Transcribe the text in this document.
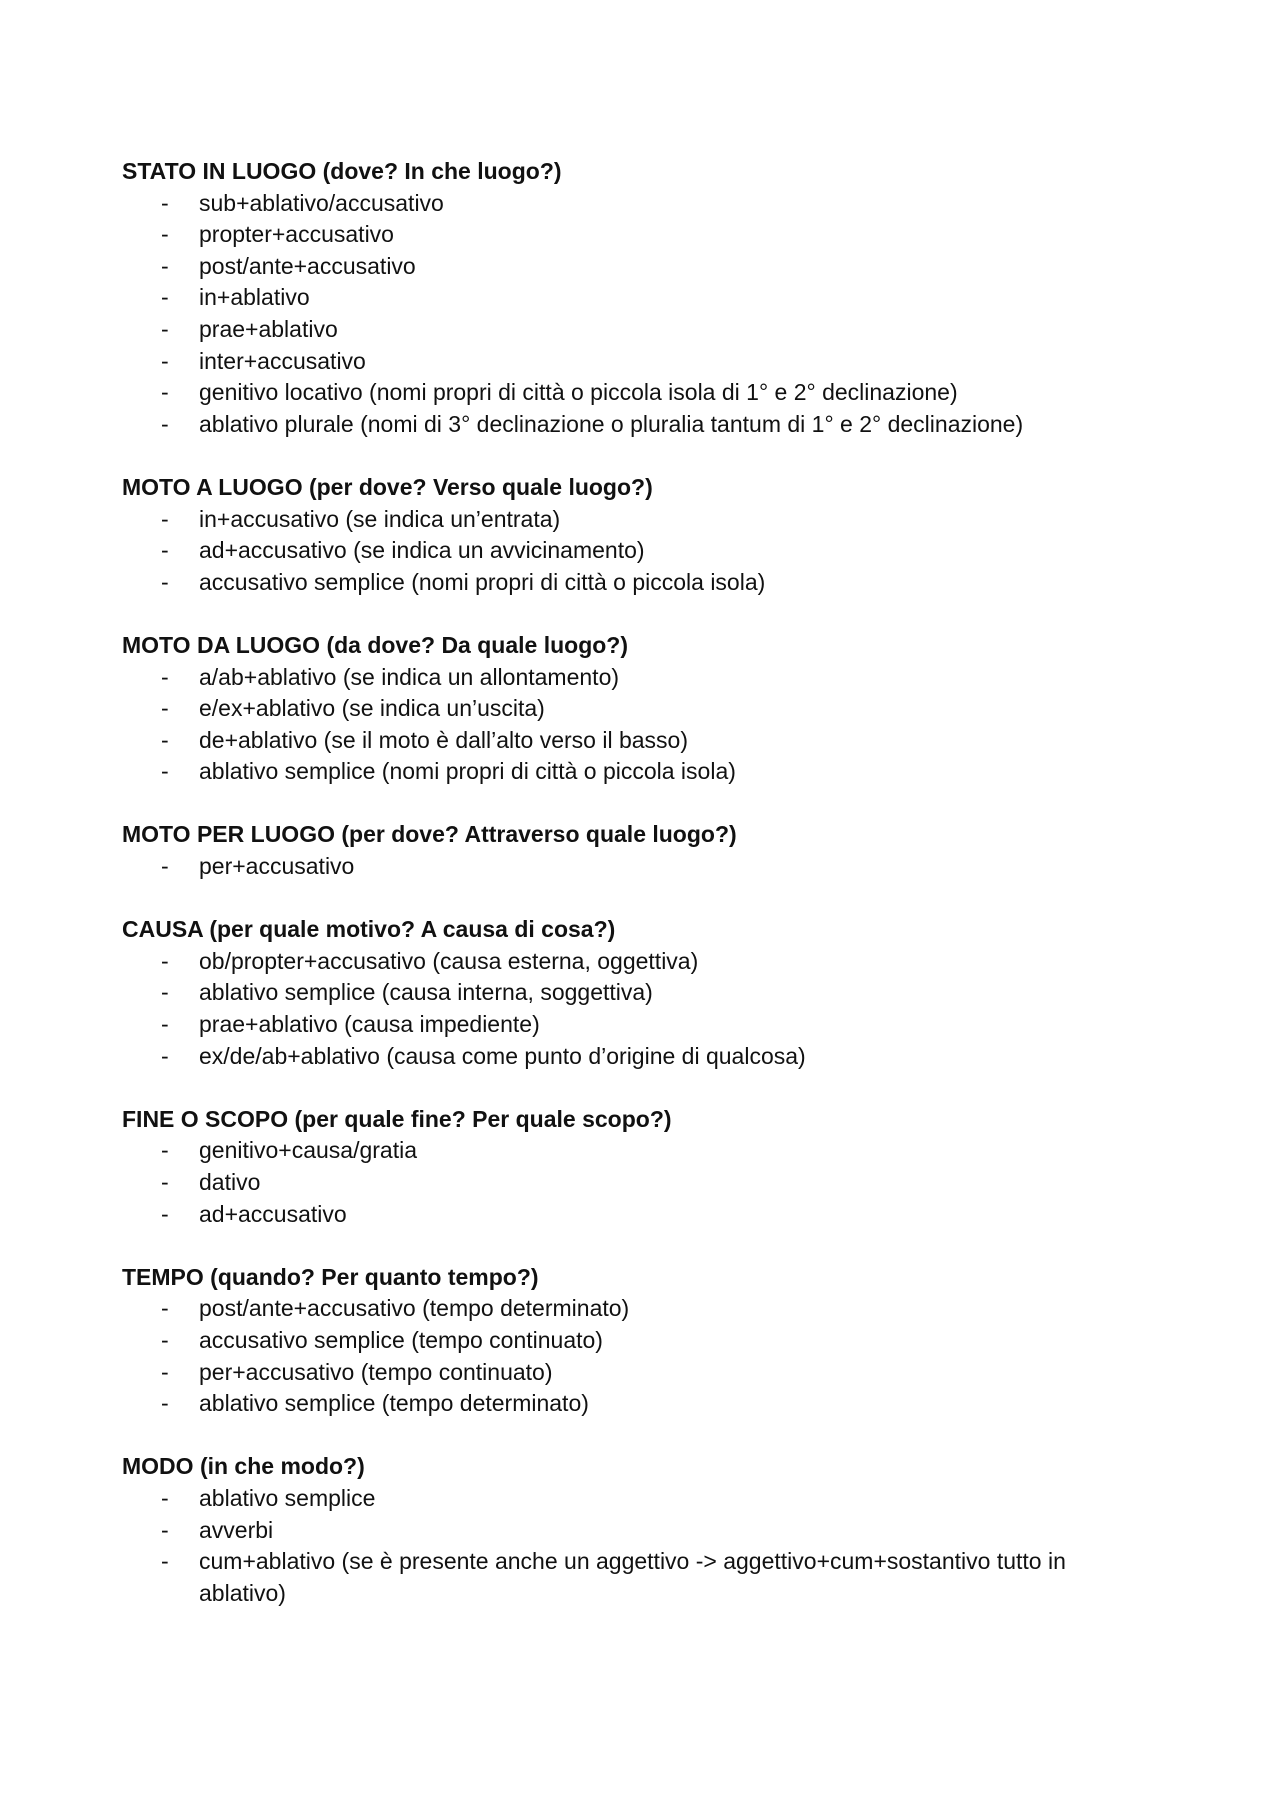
STATO IN LUOGO (dove? In che luogo?)

- sub+ablativo/accusativo
- propter+accusativo
- post/ante+accusativo
- in+ablativo
- prae+ablativo
- inter+accusativo
- genitivo locativo (nomi propri di città o piccola isola di 1° e 2° declinazione)
- ablativo plurale (nomi di 3° declinazione o pluralia tantum di 1° e 2° declinazione)

MOTO A LUOGO (per dove? Verso quale luogo?)

- in+accusativo (se indica un’entrata)
- ad+accusativo (se indica un avvicinamento)
- accusativo semplice (nomi propri di città o piccola isola)

MOTO DA LUOGO (da dove? Da quale luogo?)

- a/ab+ablativo (se indica un allontamento)
- e/ex+ablativo (se indica un’uscita)
- de+ablativo (se il moto è dall’alto verso il basso)
- ablativo semplice (nomi propri di città o piccola isola)

MOTO PER LUOGO (per dove? Attraverso quale luogo?)

- per+accusativo

CAUSA (per quale motivo? A causa di cosa?)

- ob/propter+accusativo (causa esterna, oggettiva)
- ablativo semplice (causa interna, soggettiva)
- prae+ablativo (causa impediente)
- ex/de/ab+ablativo (causa come punto d’origine di qualcosa)

FINE O SCOPO (per quale fine? Per quale scopo?)

- genitivo+causa/gratia
- dativo
- ad+accusativo

TEMPO (quando? Per quanto tempo?)

- post/ante+accusativo (tempo determinato)
- accusativo semplice (tempo continuato)
- per+accusativo (tempo continuato)
- ablativo semplice (tempo determinato)

MODO (in che modo?)

- ablativo semplice
- avverbi
- cum+ablativo (se è presente anche un aggettivo -> aggettivo+cum+sostantivo tutto in ablativo)
